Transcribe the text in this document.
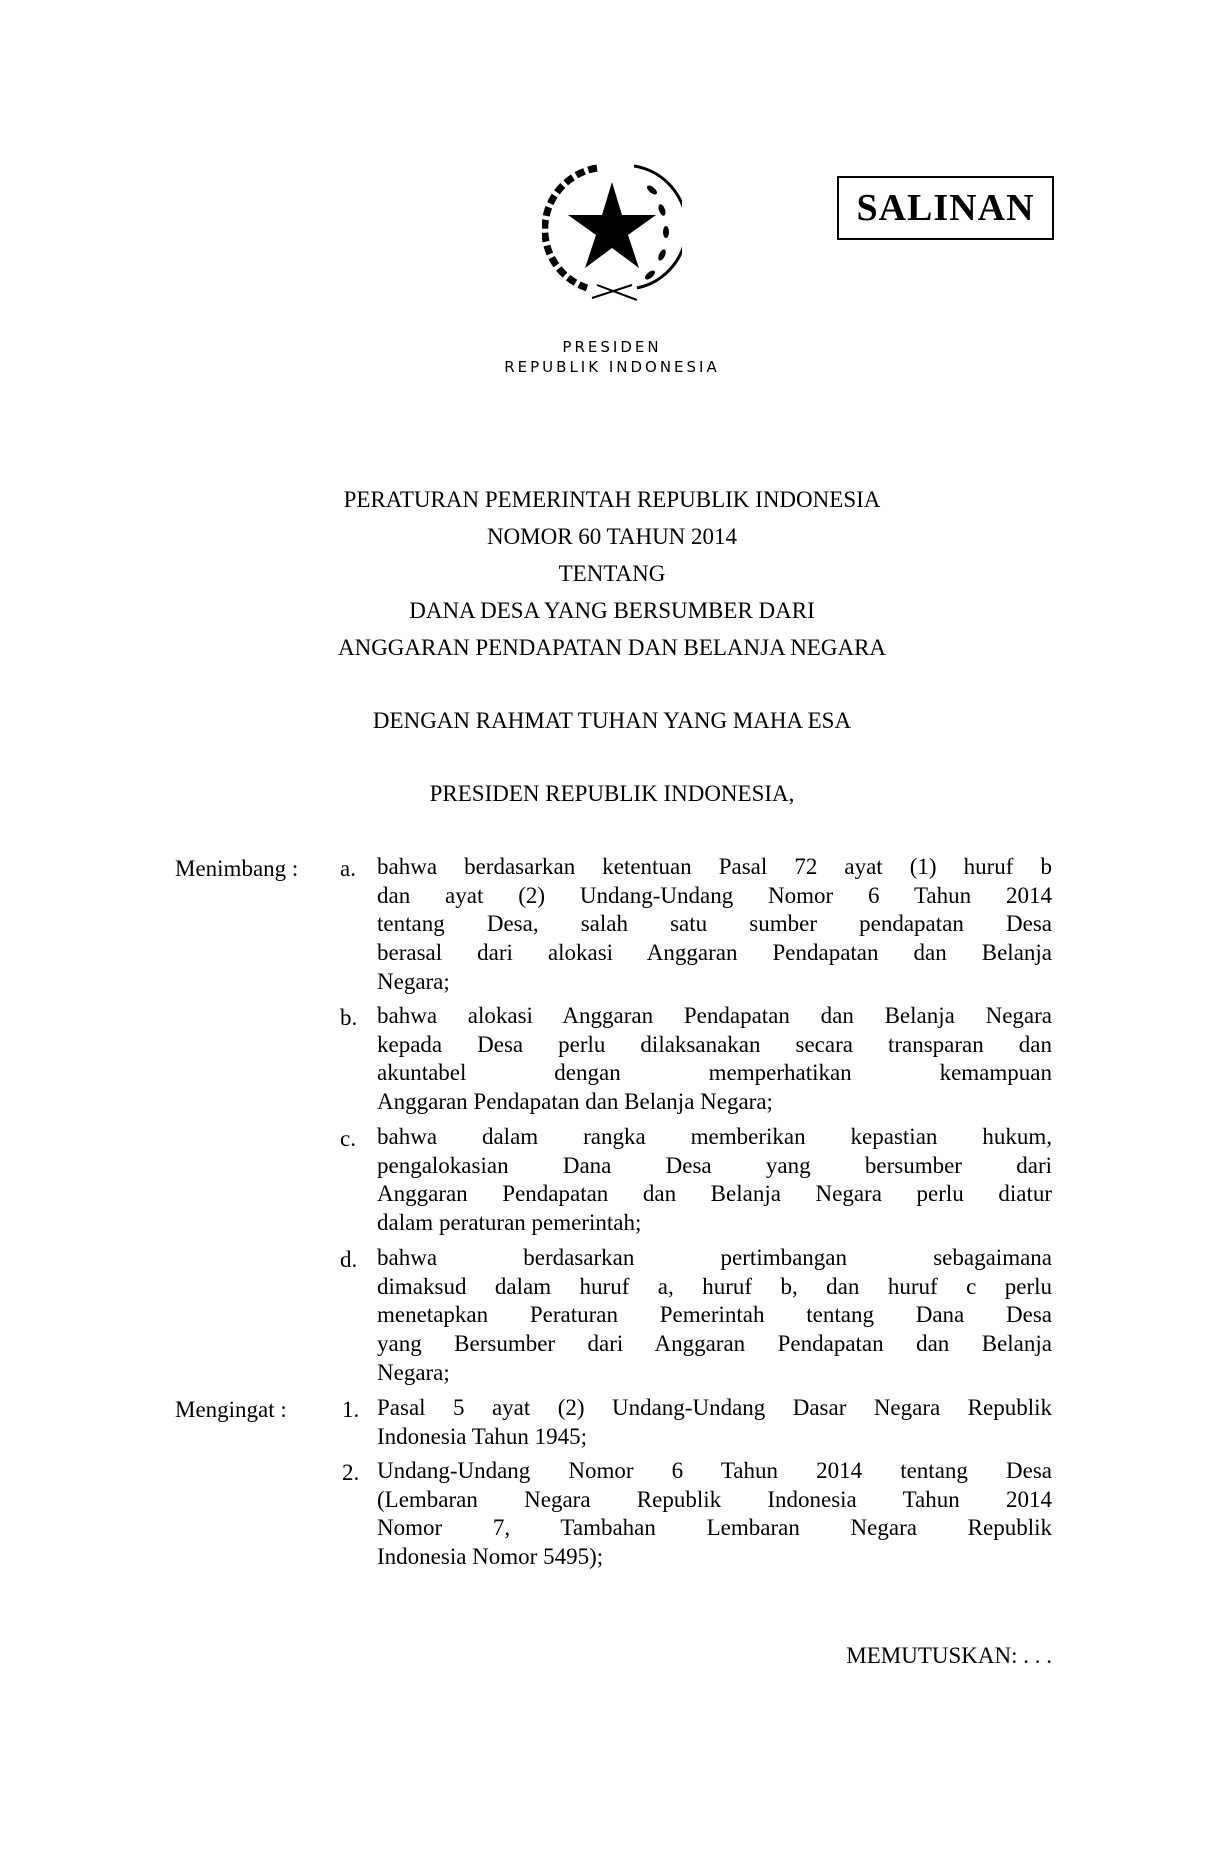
SALINAN
PRESIDEN
REPUBLIK INDONESIA
PERATURAN PEMERINTAH REPUBLIK INDONESIA
NOMOR 60 TAHUN 2014
TENTANG
DANA DESA YANG BERSUMBER DARI
ANGGARAN PENDAPATAN DAN BELANJA NEGARA
DENGAN RAHMAT TUHAN YANG MAHA ESA
PRESIDEN REPUBLIK INDONESIA,
Menimbang :
Mengingat :
a. bahwa berdasarkan ketentuan Pasal 72 ayat (1) huruf b
dan ayat (2) Undang-Undang Nomor 6 Tahun 2014
tentang Desa, salah satu sumber pendapatan Desa
berasal dari alokasi Anggaran Pendapatan dan Belanja
Negara;
b. bahwa alokasi Anggaran Pendapatan dan Belanja Negara
kepada Desa perlu dilaksanakan secara transparan dan
akuntabel dengan memperhatikan kemampuan
Anggaran Pendapatan dan Belanja Negara;
c. bahwa dalam rangka memberikan kepastian hukum,
pengalokasian Dana Desa yang bersumber dari
Anggaran Pendapatan dan Belanja Negara perlu diatur
dalam peraturan pemerintah;
d. bahwa berdasarkan pertimbangan sebagaimana
dimaksud dalam huruf a, huruf b, dan huruf c perlu
menetapkan Peraturan Pemerintah tentang Dana Desa
yang Bersumber dari Anggaran Pendapatan dan Belanja
Negara;
1. Pasal 5 ayat (2) Undang-Undang Dasar Negara Republik
Indonesia Tahun 1945;
2. Undang-Undang Nomor 6 Tahun 2014 tentang Desa
(Lembaran Negara Republik Indonesia Tahun 2014
Nomor 7, Tambahan Lembaran Negara Republik
Indonesia Nomor 5495);
MEMUTUSKAN: . . .
